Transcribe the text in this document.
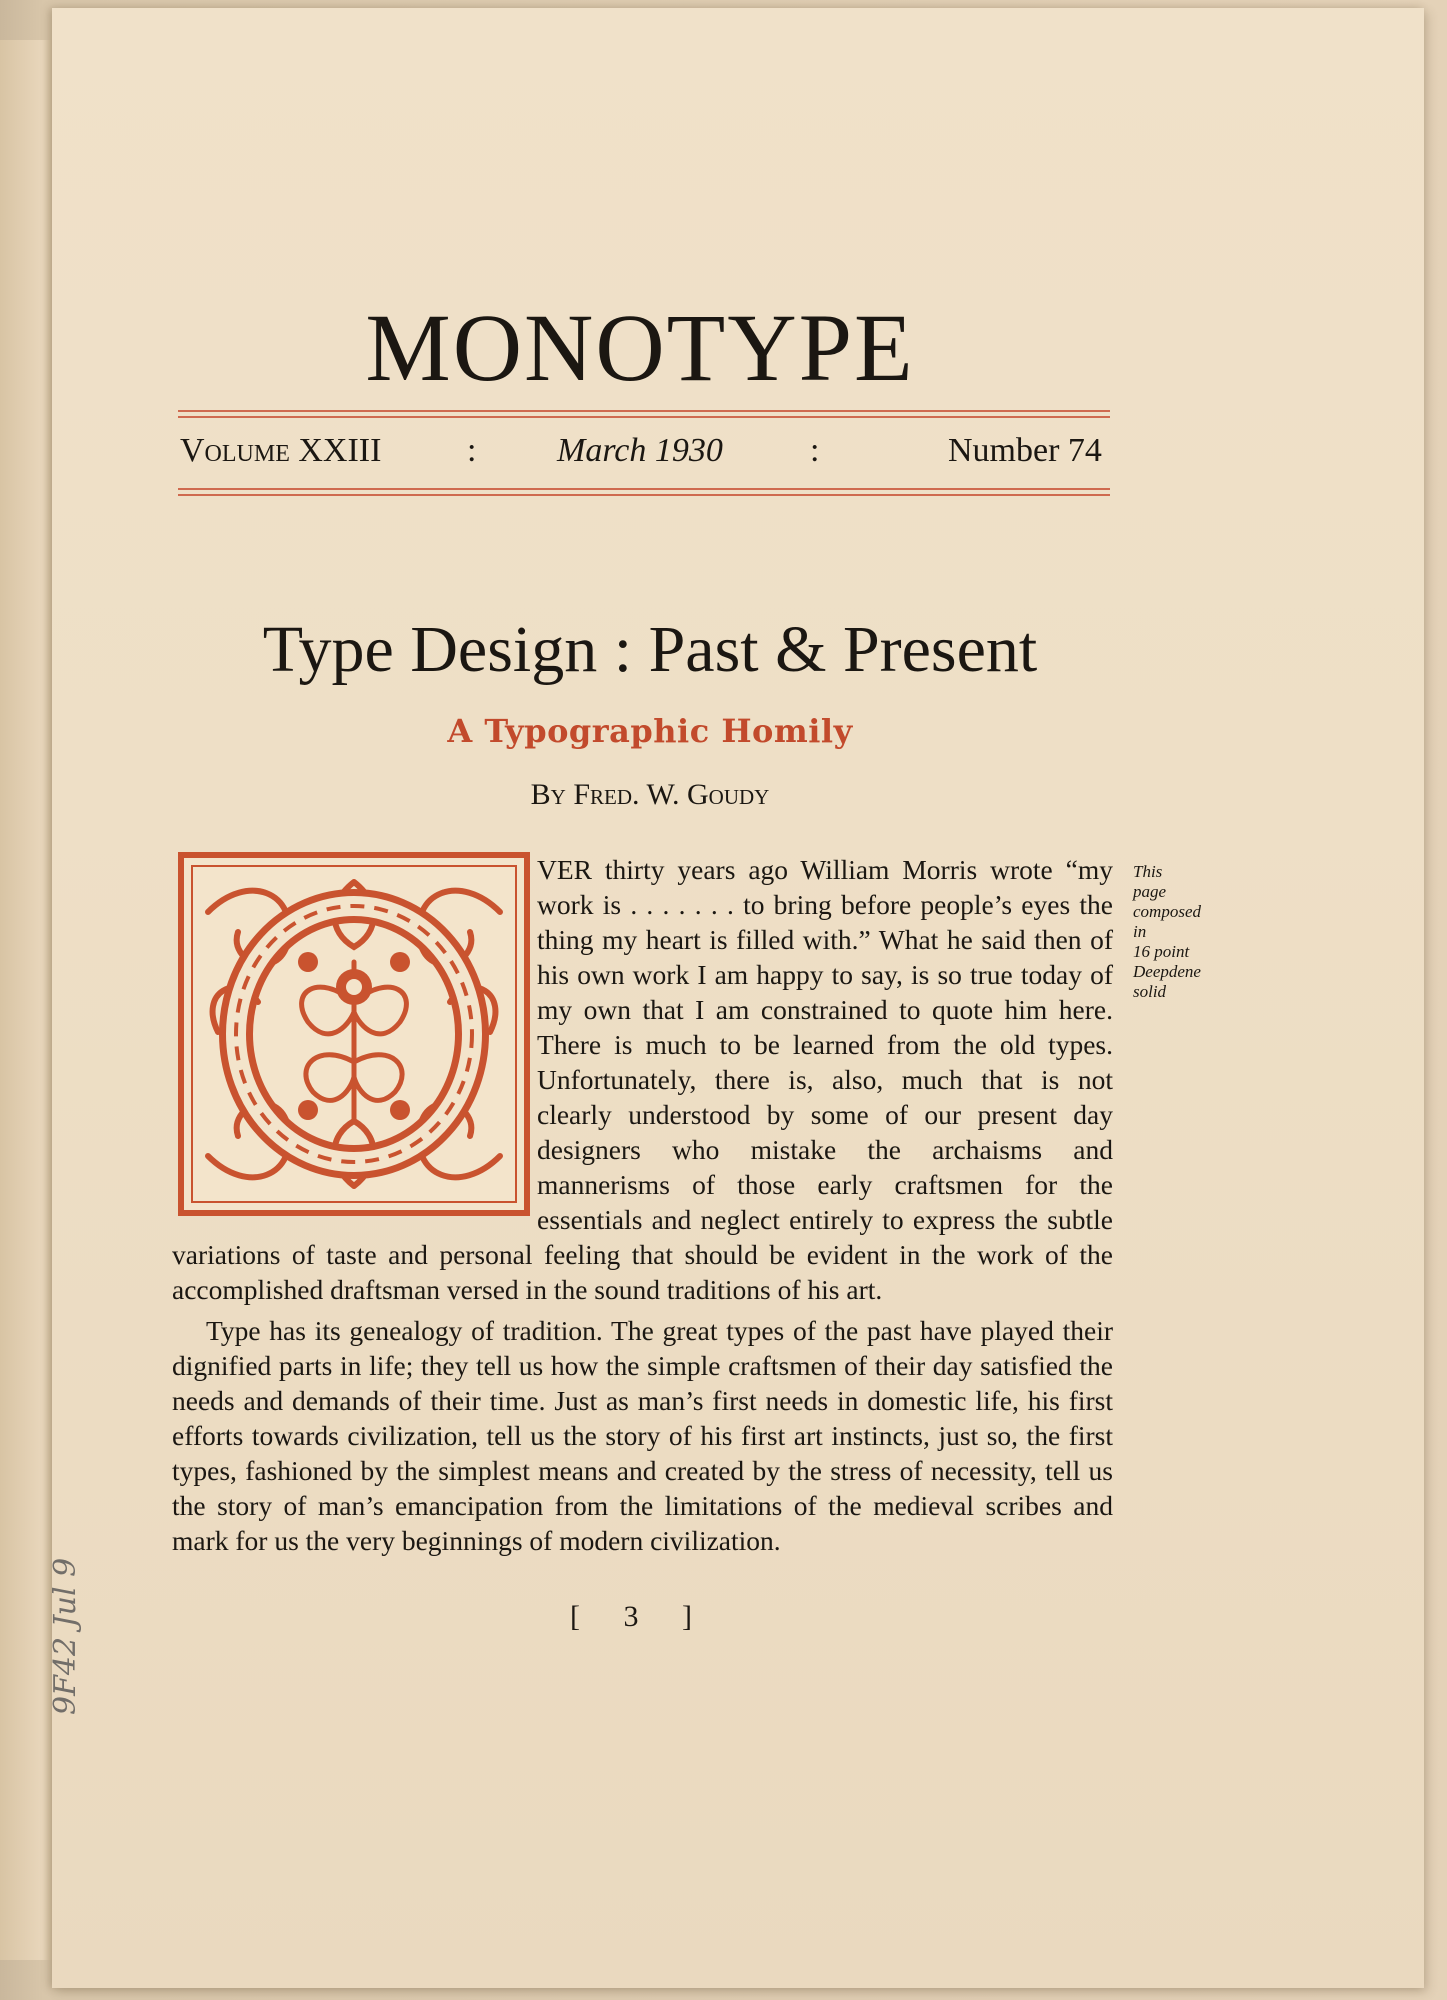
9F42 Jul 9
MONOTYPE
Volume XXIII	: March 1930	:	Number 74
Type Design : Past & Present
A Typographic Homily
By Fred. W. Goudy

VER thirty years ago William Morris wrote “my work is . . . . . . . to bring before people’s eyes the thing my heart is filled with.” What he said then of his own work I am happy to say, is so true today of my own that I am constrained to quote him here. There is much to be learned from the old types. Unfortunately, there is, also, much that is not clearly understood by some of our present day designers who mistake the archaisms and mannerisms of those early craftsmen for the essentials and neglect entirely to express the subtle variations of taste and personal feeling that should be evident in the work of the accomplished draftsman versed in the sound traditions of his art.

Type has its genealogy of tradition. The great types of the past have played their dignified parts in life; they tell us how the simple craftsmen of their day satisfied the needs and demands of their time. Just as man’s first needs in domestic life, his first efforts towards civilization, tell us the story of his first art instincts, just so, the first types, fashioned by the simplest means and created by the stress of necessity, tell us the story of man’s emancipation from the limitations of the medieval scribes and mark for us the very beginnings of modern civilization.

This
page
composed
in
16 point
Deepdene
solid
[ 3 ]
